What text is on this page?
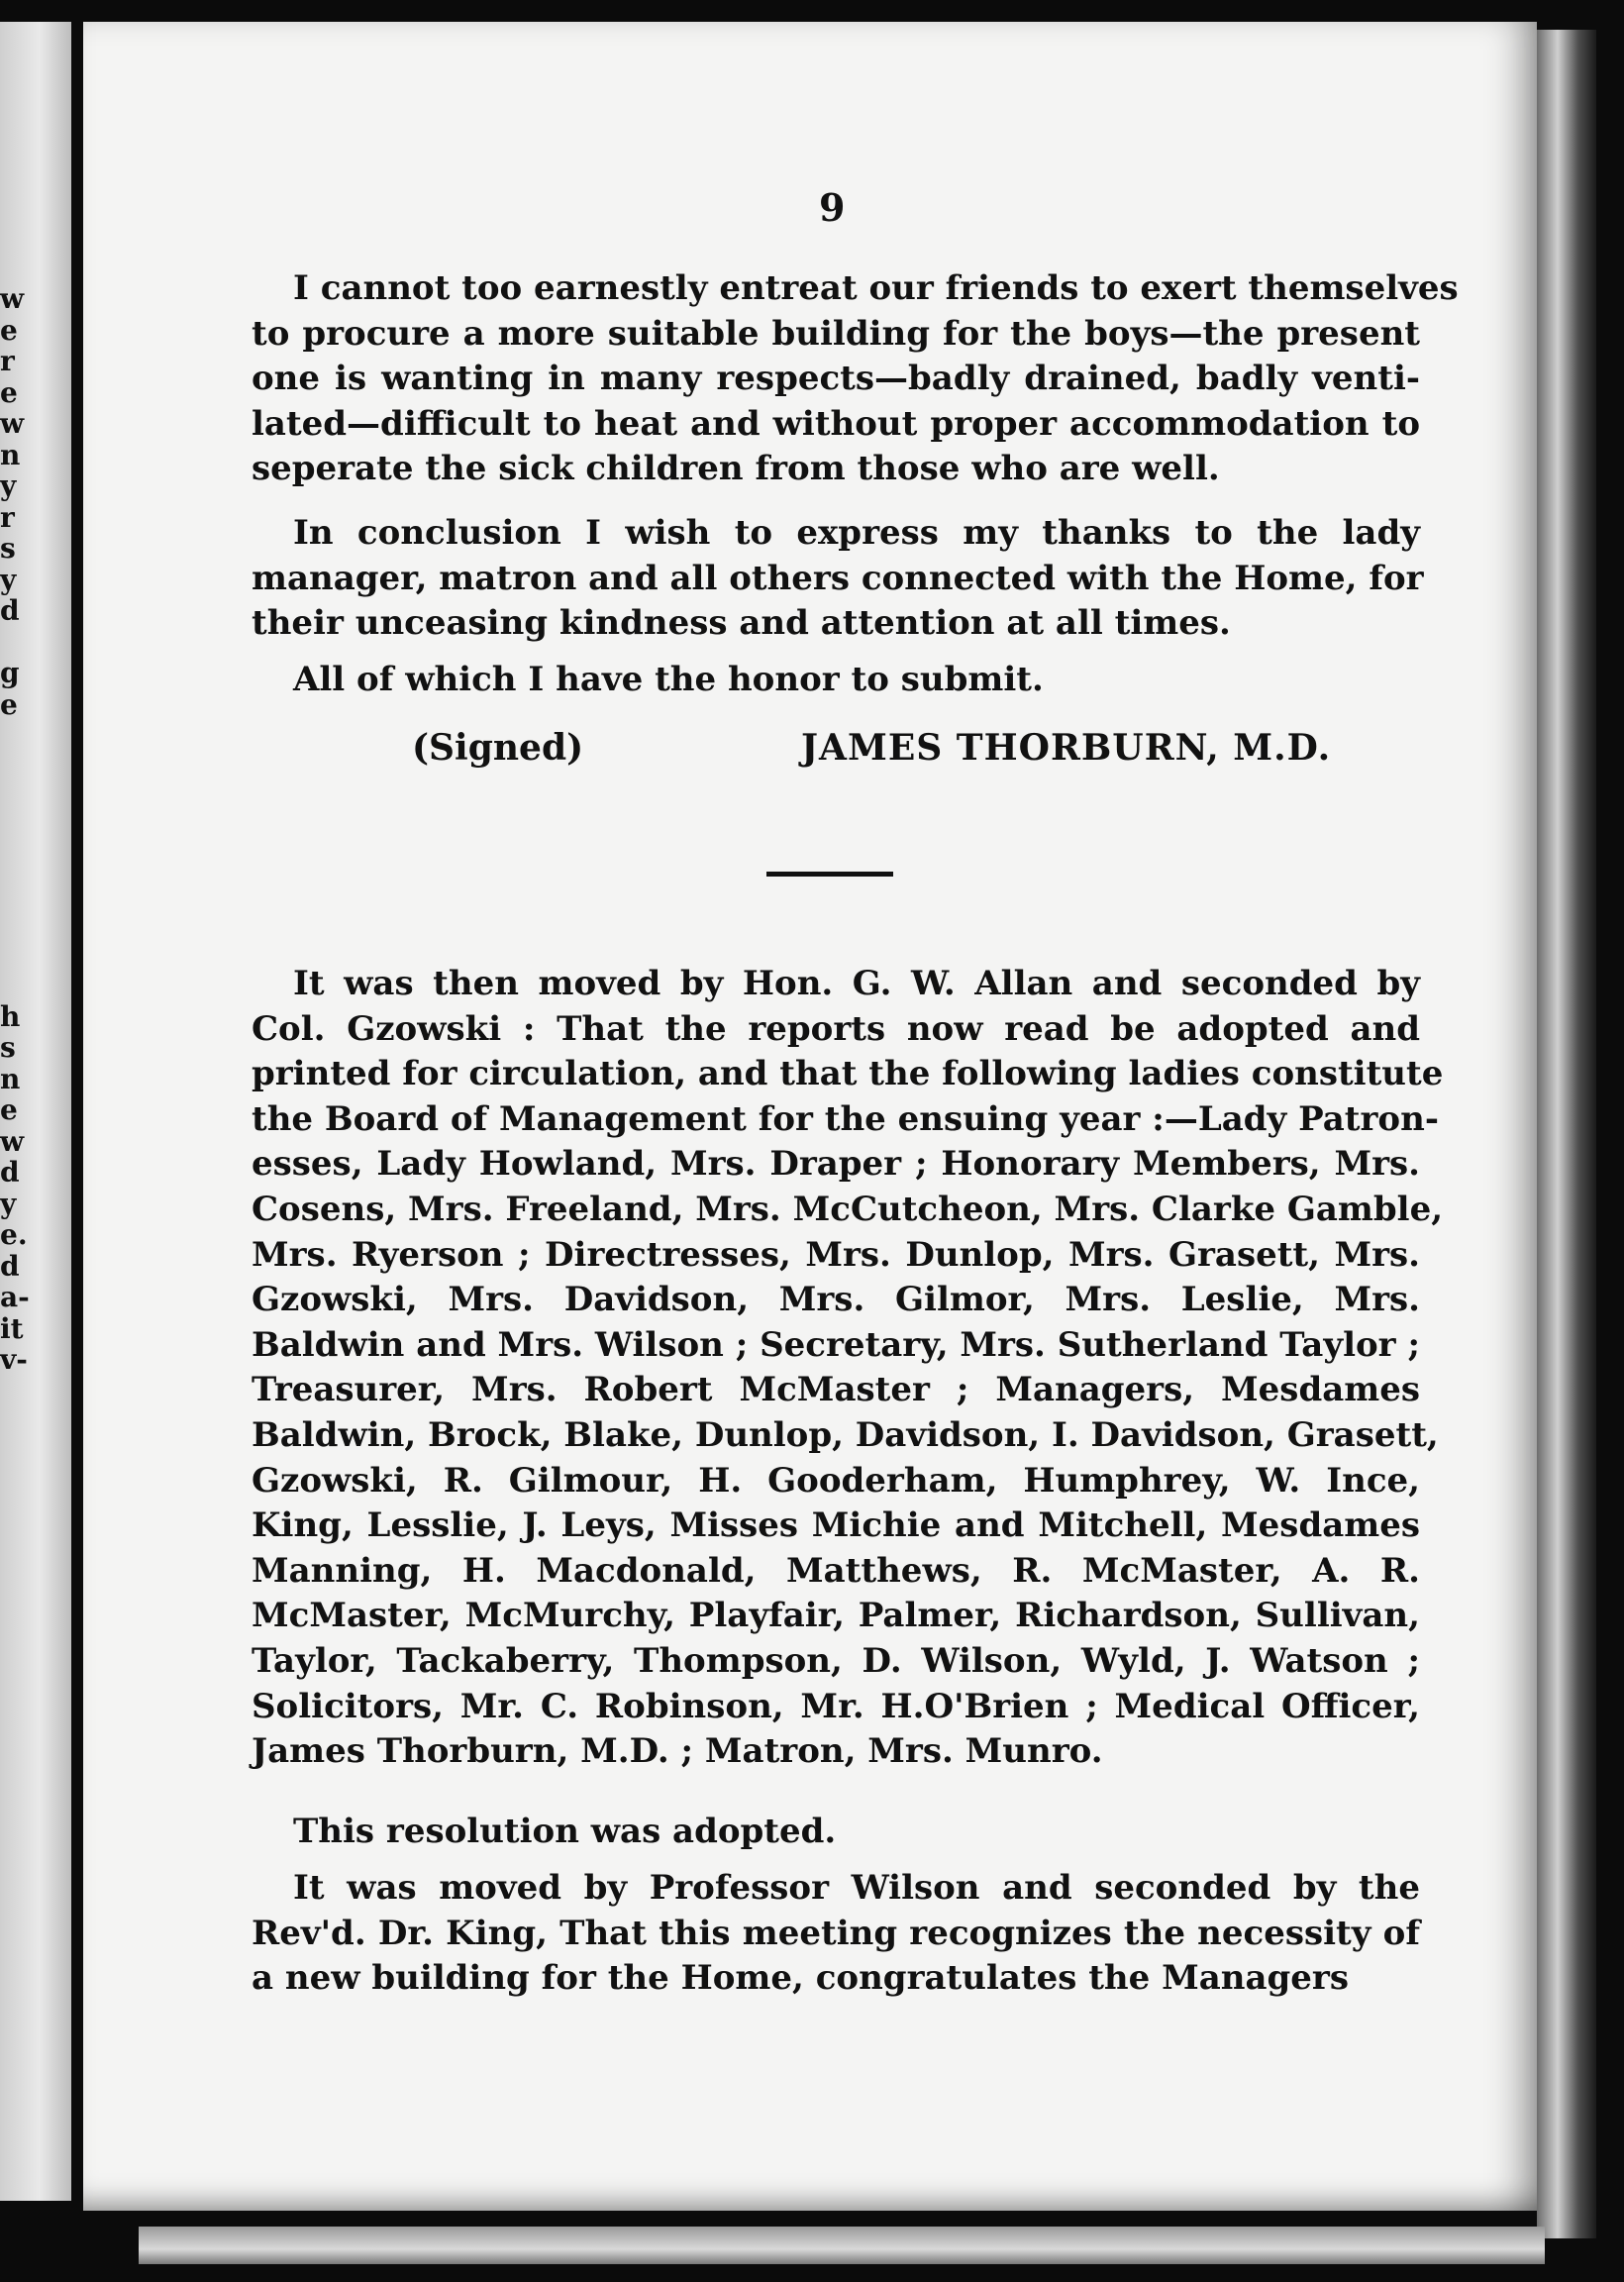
w
e
r
e
w
n
y
r
s
y
d
g
e
h
s
n
e
w
d
y
e.
d
a-
it
v-
9
I cannot too earnestly entreat our friends to exert themselves
to procure a more suitable building for the boys—the present
one is wanting in many respects—badly drained, badly venti-
lated—difficult to heat and without proper accommodation to
seperate the sick children from those who are well.
In conclusion I wish to express my thanks to the lady
manager, matron and all others connected with the Home, for
their unceasing kindness and attention at all times.
All of which I have the honor to submit.
(Signed)	JAMES THORBURN, M.D.
It was then moved by Hon. G. W. Allan and seconded by
Col. Gzowski : That the reports now read be adopted and
printed for circulation, and that the following ladies constitute
the Board of Management for the ensuing year :—Lady Patron-
esses, Lady Howland, Mrs. Draper ; Honorary Members, Mrs.
Cosens, Mrs. Freeland, Mrs. McCutcheon, Mrs. Clarke Gamble,
Mrs. Ryerson ; Directresses, Mrs. Dunlop, Mrs. Grasett, Mrs.
Gzowski, Mrs. Davidson, Mrs. Gilmor, Mrs. Leslie, Mrs.
Baldwin and Mrs. Wilson ; Secretary, Mrs. Sutherland Taylor ;
Treasurer, Mrs. Robert McMaster ; Managers, Mesdames
Baldwin, Brock, Blake, Dunlop, Davidson, I. Davidson, Grasett,
Gzowski, R. Gilmour, H. Gooderham, Humphrey, W. Ince,
King, Lesslie, J. Leys, Misses Michie and Mitchell, Mesdames
Manning, H. Macdonald, Matthews, R. McMaster, A. R.
McMaster, McMurchy, Playfair, Palmer, Richardson, Sullivan,
Taylor, Tackaberry, Thompson, D. Wilson, Wyld, J. Watson ;
Solicitors, Mr. C. Robinson, Mr. H.O'Brien ; Medical Officer,
James Thorburn, M.D. ; Matron, Mrs. Munro.
This resolution was adopted.
It was moved by Professor Wilson and seconded by the
Rev'd. Dr. King, That this meeting recognizes the necessity of
a new building for the Home, congratulates the Managers
